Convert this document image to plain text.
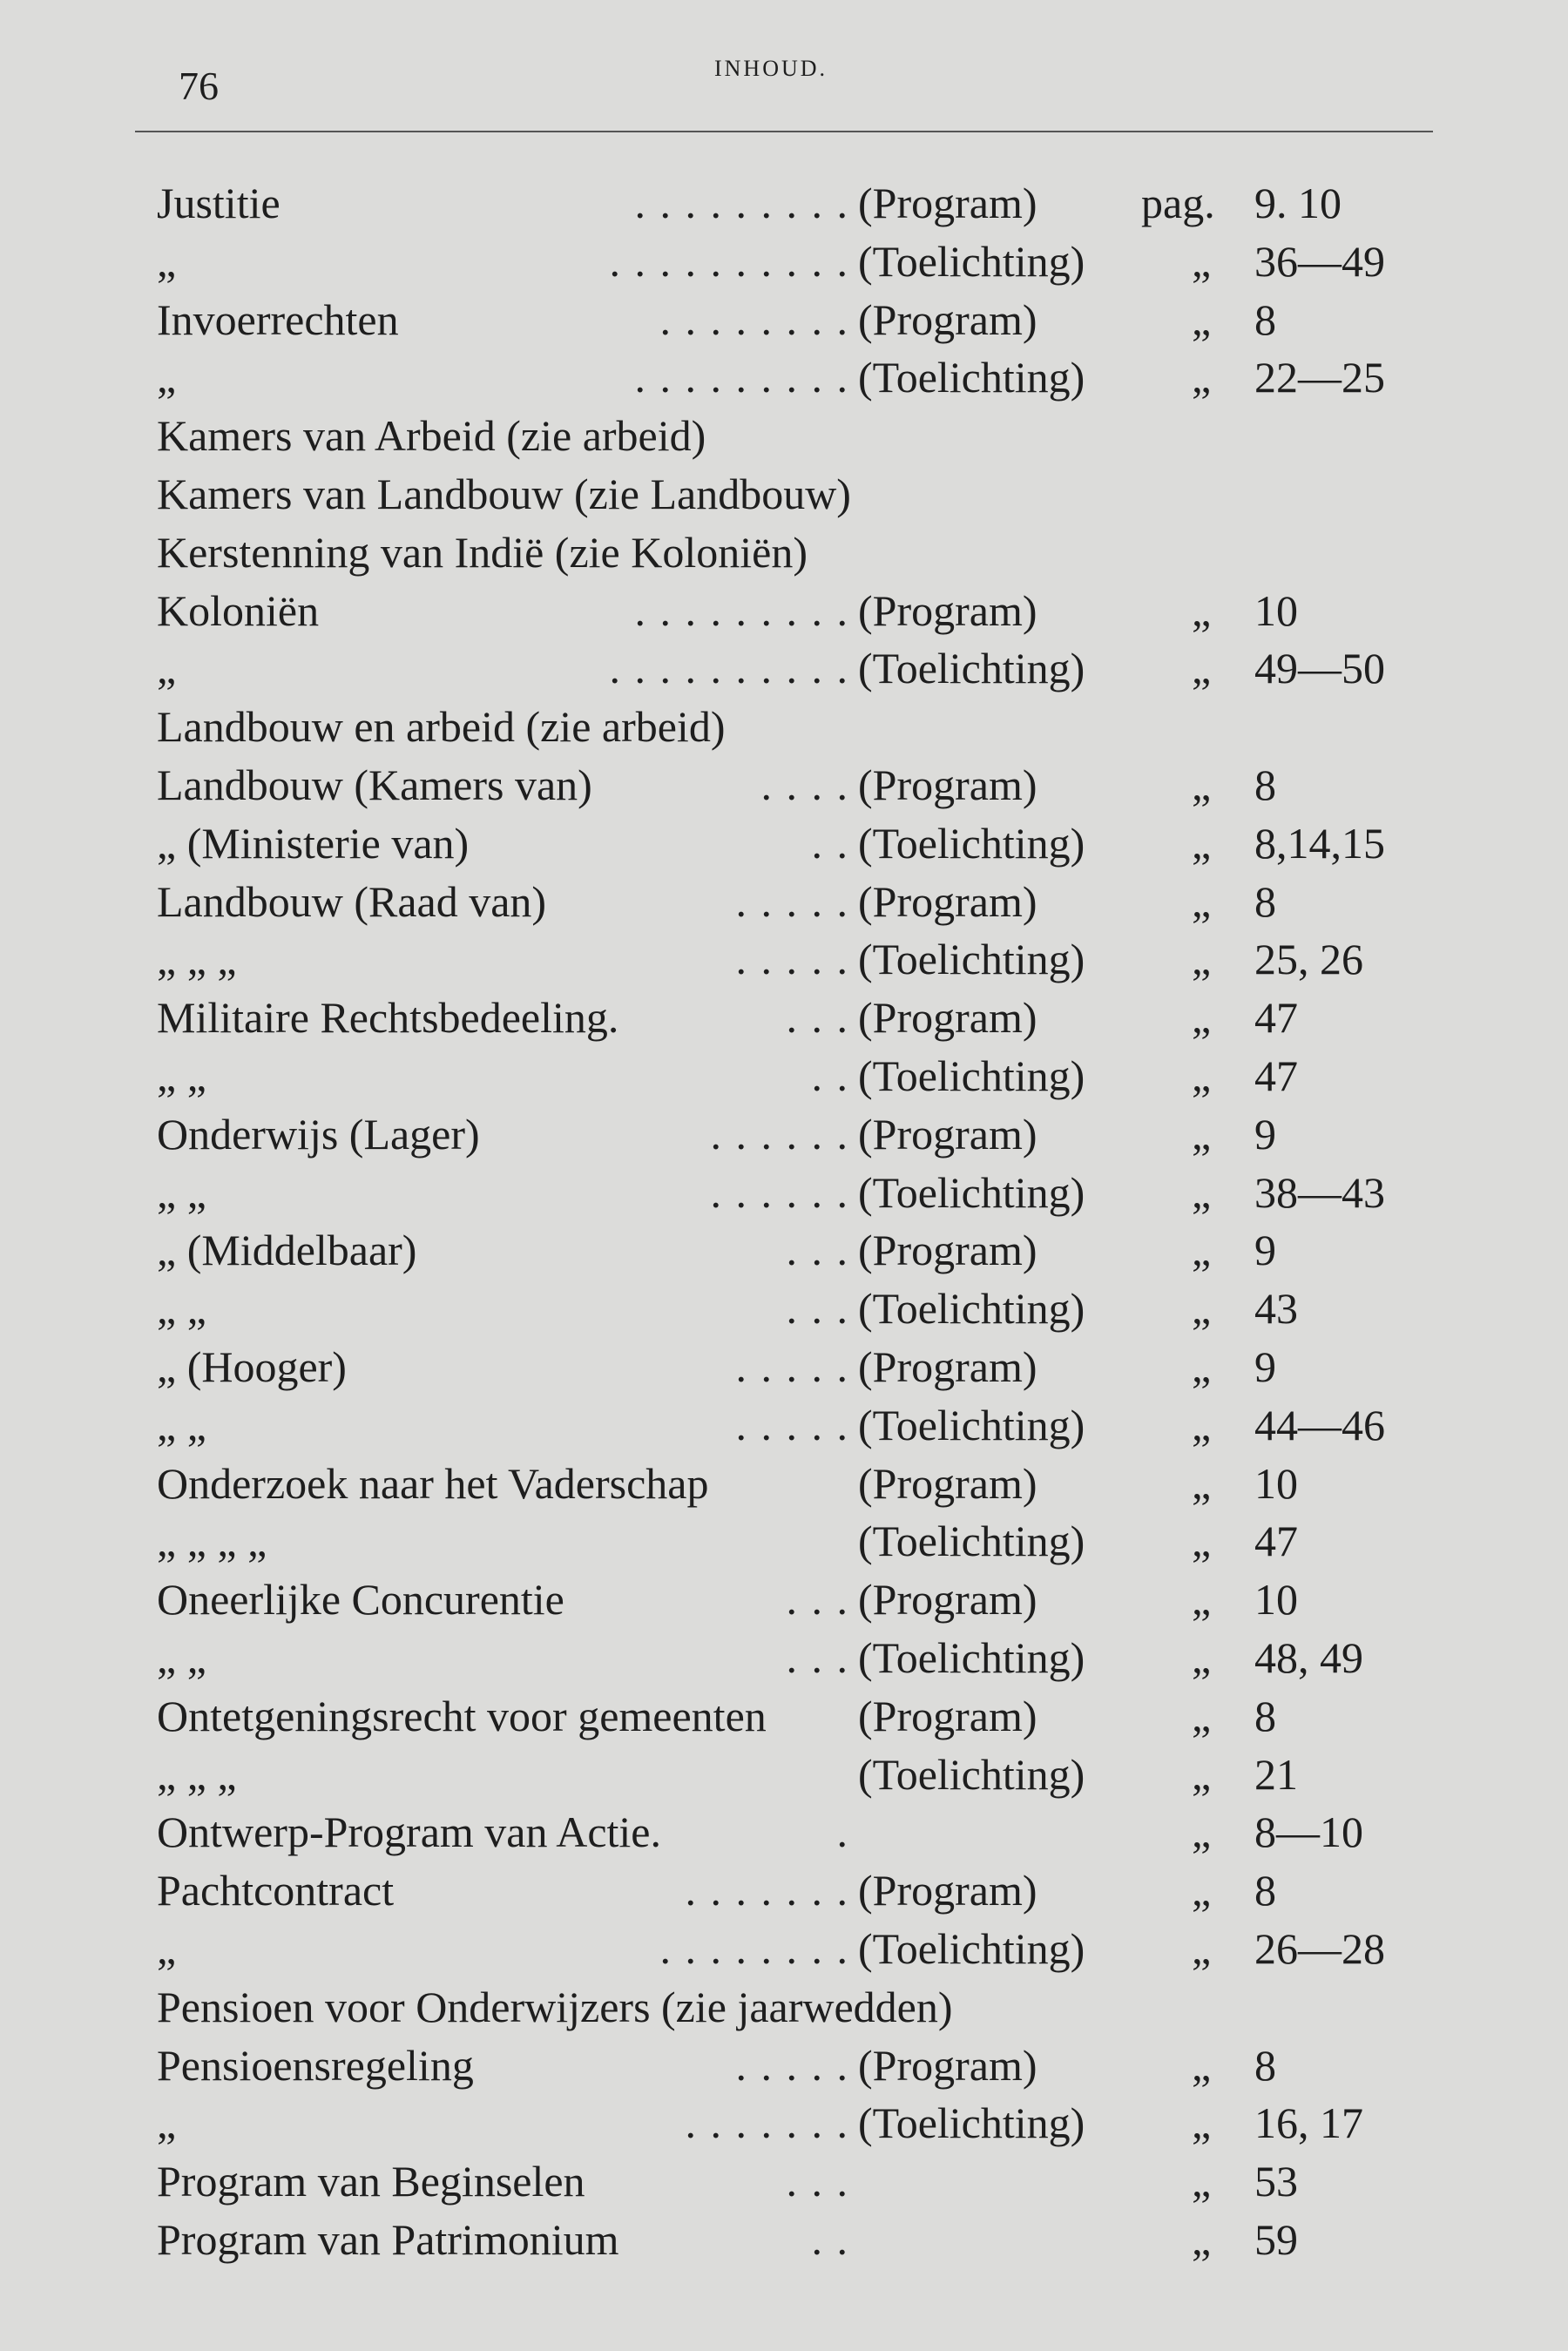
76	INHOUD.
Justitie	. . . . . . . . . (Program) pag. 9. 10
„	. . . . . . . . . . (Toelichting) „ 36—49
Invoerrechten	. . . . . . . . (Program)	„ 8
„	. . . . . . . . . (Toelichting) „ 22—25
Kamers van Arbeid (zie arbeid)
Kamers van Landbouw (zie Landbouw)
Kerstenning van Indië (zie Koloniën)
Koloniën	. . . . . . . . . (Program)	„ 10
„	. . . . . . . . . . (Toelichting) „ 49—50
Landbouw en arbeid (zie arbeid)
Landbouw (Kamers van)	. . . . (Program)	„ 8
„ (Ministerie van)	. . (Toelichting) „ 8,14,15
Landbouw (Raad van)	. . . . . (Program)	„ 8
„ „ „	. . . . . (Toelichting) „ 25, 26
Militaire Rechtsbedeeling.	. . . (Program)	„ 47
„ „	. . (Toelichting) „ 47
Onderwijs (Lager)	. . . . . . (Program)	„ 9
„ „	. . . . . . (Toelichting) „ 38—43
„ (Middelbaar)	. . . (Program)	„ 9
„ „	. . . (Toelichting) „ 43
„ (Hooger)	. . . . . (Program)	„ 9
„ „	. . . . . (Toelichting) „ 44—46
Onderzoek naar het Vaderschap	(Program)	„ 10
„ „ „ „	(Toelichting) „ 47
Oneerlijke Concurentie	. . . (Program)	„ 10
„ „	. . . (Toelichting) „ 48, 49
Ontetgeningsrecht voor gemeenten (Program)	„ 8
„ „ „	(Toelichting) „ 21
Ontwerp-Program van Actie.	.	„ 8—10
Pachtcontract	. . . . . . . (Program)	„ 8
„	. . . . . . . . (Toelichting) „ 26—28
Pensioen voor Onderwijzers (zie jaarwedden)
Pensioensregeling	. . . . . (Program)	„ 8
„	. . . . . . . (Toelichting) „ 16, 17
Program van Beginselen	. . .	„ 53
Program van Patrimonium	. .	„ 59
